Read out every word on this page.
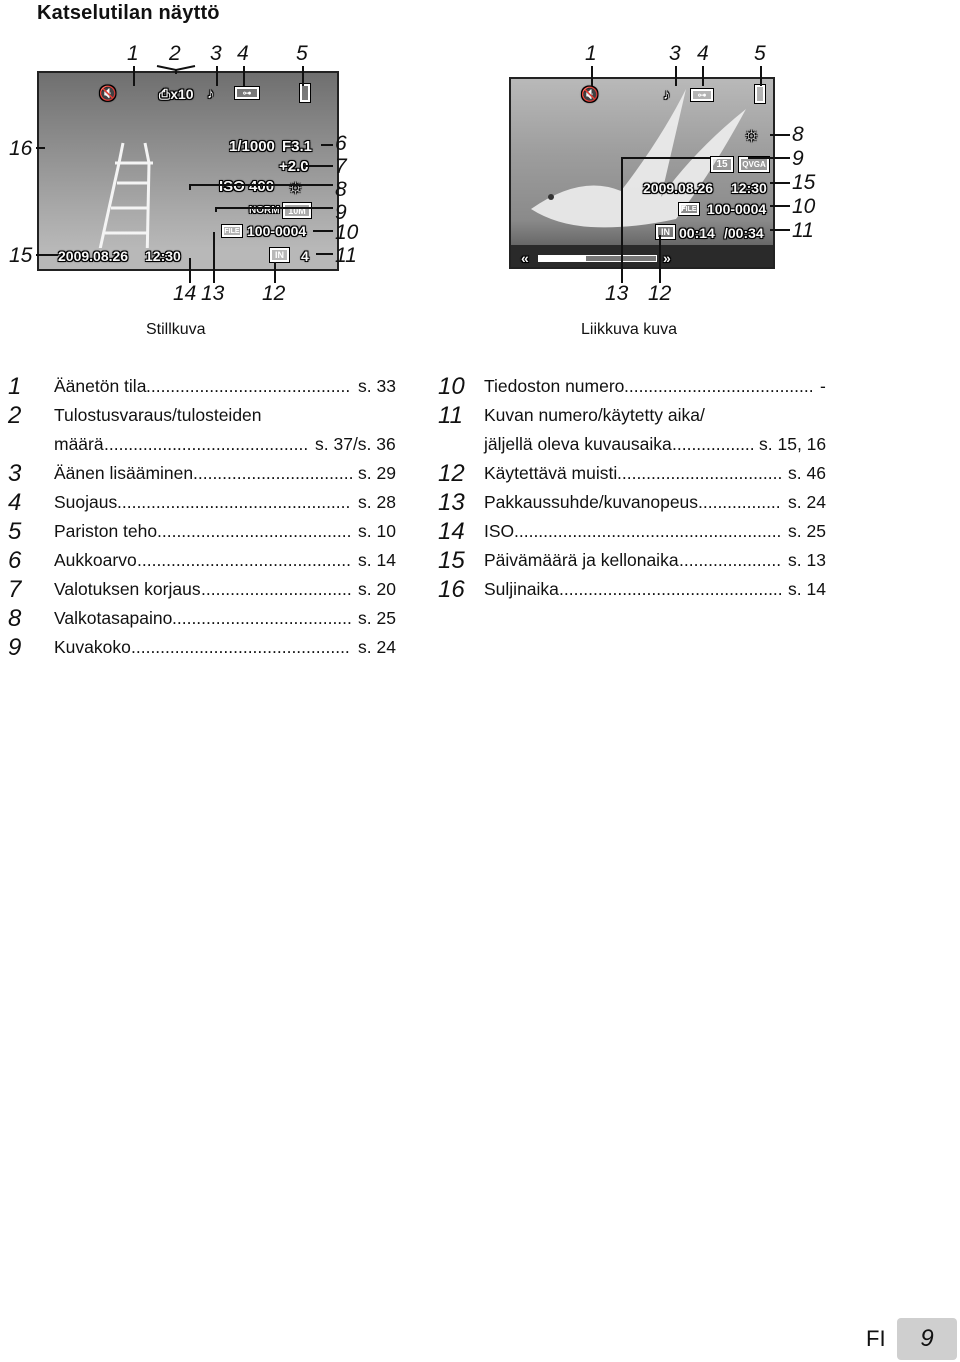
Katselutilan näyttö
🔇	⎙x10 ♪	⊶
1/1000 F3.1
+2.0
ISO 400 ☼
NORM 10M
FILE 100-0004
2009.08.26 12:30	IN 4
1 2 3 4 5
6
7
8
9
10
11
16
15
14 13 12
Stillkuva
🔇	♪	⊶
☼
15 QVGA
2009.08.26 12:30
FILE 100-0004
IN 00:14 /00:34
«	»
1	3 4 5
8
9
15
10
11
13 12
Liikkuva kuva
1 Äänetön tila .......................................... s. 33
2 Tulostusvaraus/tulosteiden
määrä .......................................... s. 37/s. 36
3 Äänen lisääminen ................................. s. 29
4 Suojaus ................................................ s. 28
5 Pariston teho ........................................ s. 10
6 Aukkoarvo ............................................ s. 14
7 Valotuksen korjaus ............................... s. 20
8 Valkotasapaino ..................................... s. 25
9 Kuvakoko ............................................. s. 24
10 Tiedoston numero ....................................... -
11 Kuvan numero/käytetty aika/
jäljellä oleva kuvausaika ................. s. 15, 16
12 Käytettävä muisti .................................. s. 46
13 Pakkaussuhde/kuvanopeus ................. s. 24
14 ISO ....................................................... s. 25
15 Päivämäärä ja kellonaika ..................... s. 13
16 Suljinaika .............................................. s. 14
FI 9
